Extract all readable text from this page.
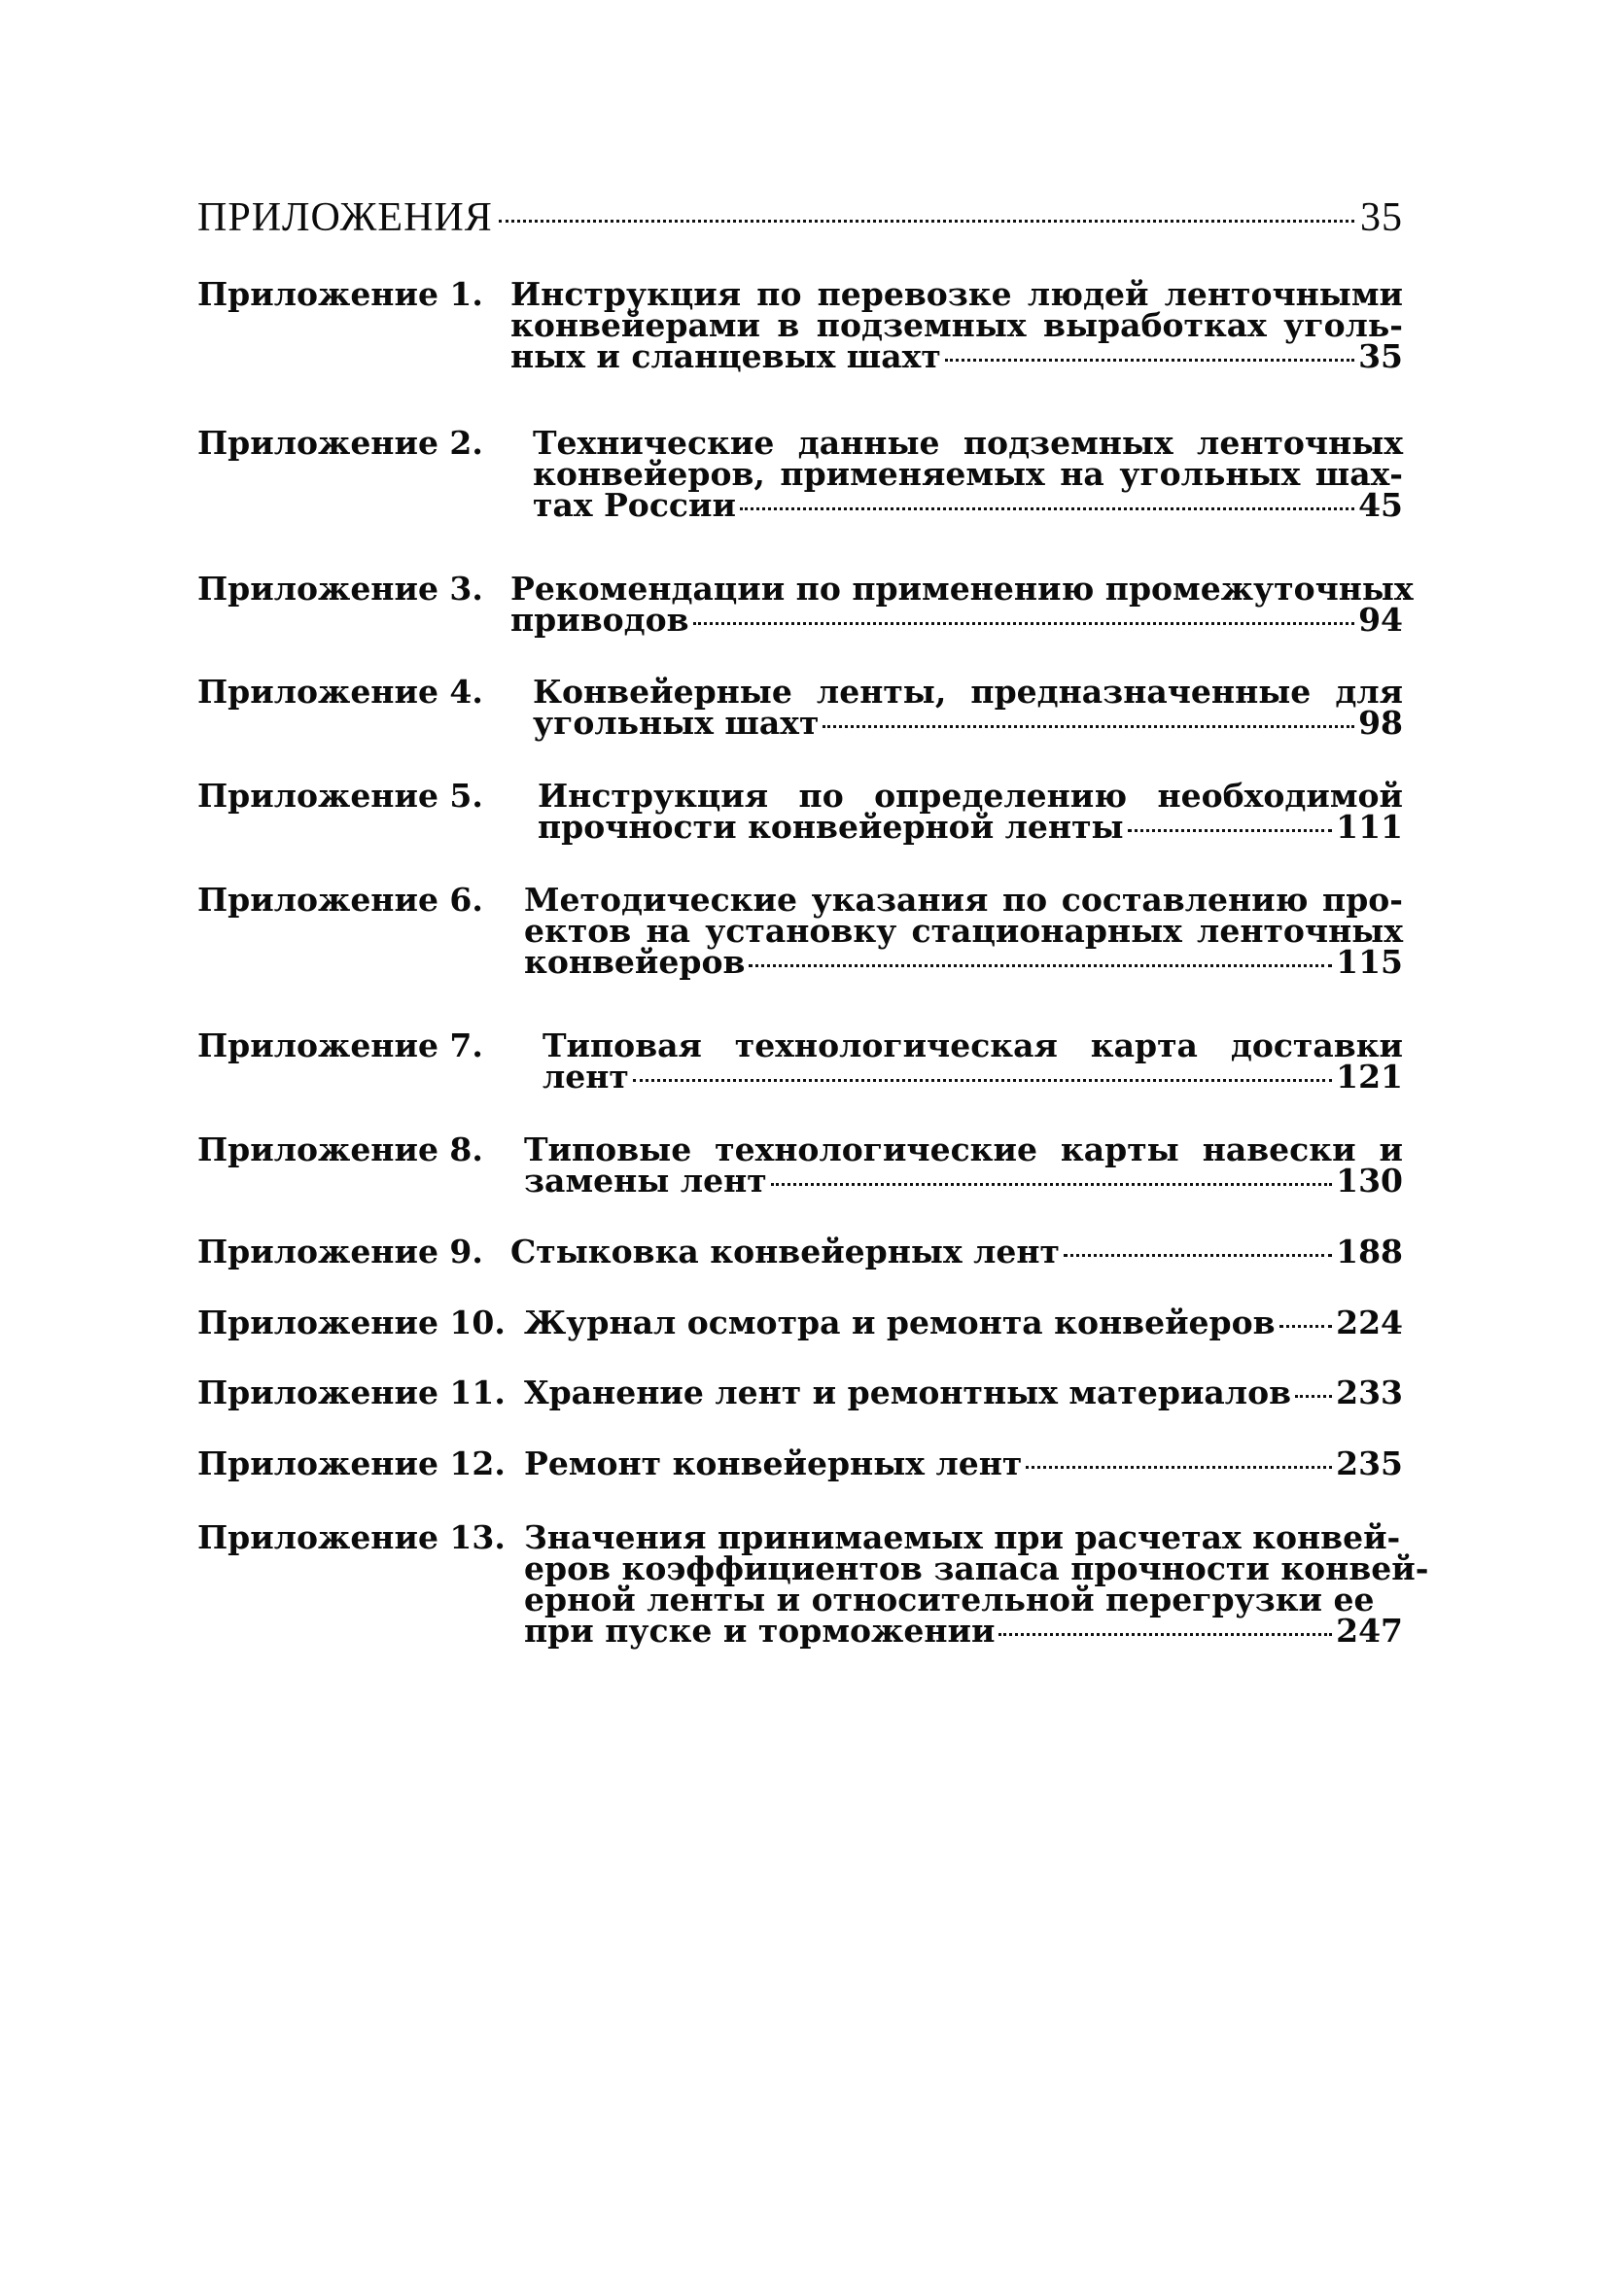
ПРИЛОЖЕНИЯ	35
Приложение 1. Инструкция по перевозке людей ленточными
конвейерами в подземных выработках уголь-
ных и сланцевых шахт	35
Приложение 2. Технические данные подземных ленточных
конвейеров, применяемых на угольных шах-
тах России	45
Приложение 3. Рекомендации по применению промежуточных
приводов	94
Приложение 4. Конвейерные ленты, предназначенные для
угольных шахт	98
Приложение 5. Инструкция по определению необходимой
прочности конвейерной ленты	111
Приложение 6. Методические указания по составлению про-
ектов на установку стационарных ленточных
конвейеров	115
Приложение 7. Типовая технологическая карта доставки
лент	121
Приложение 8. Типовые технологические карты навески и
замены лент	130
Приложение 9. Стыковка конвейерных лент	188
Приложение 10. Журнал осмотра и ремонта конвейеров 224
Приложение 11. Хранение лент и ремонтных материалов 233
Приложение 12. Ремонт конвейерных лент	235
Приложение 13. Значения принимаемых при расчетах конвей-
еров коэффициентов запаса прочности конвей-
ерной ленты и относительной перегрузки ее
при пуске и торможении	247
